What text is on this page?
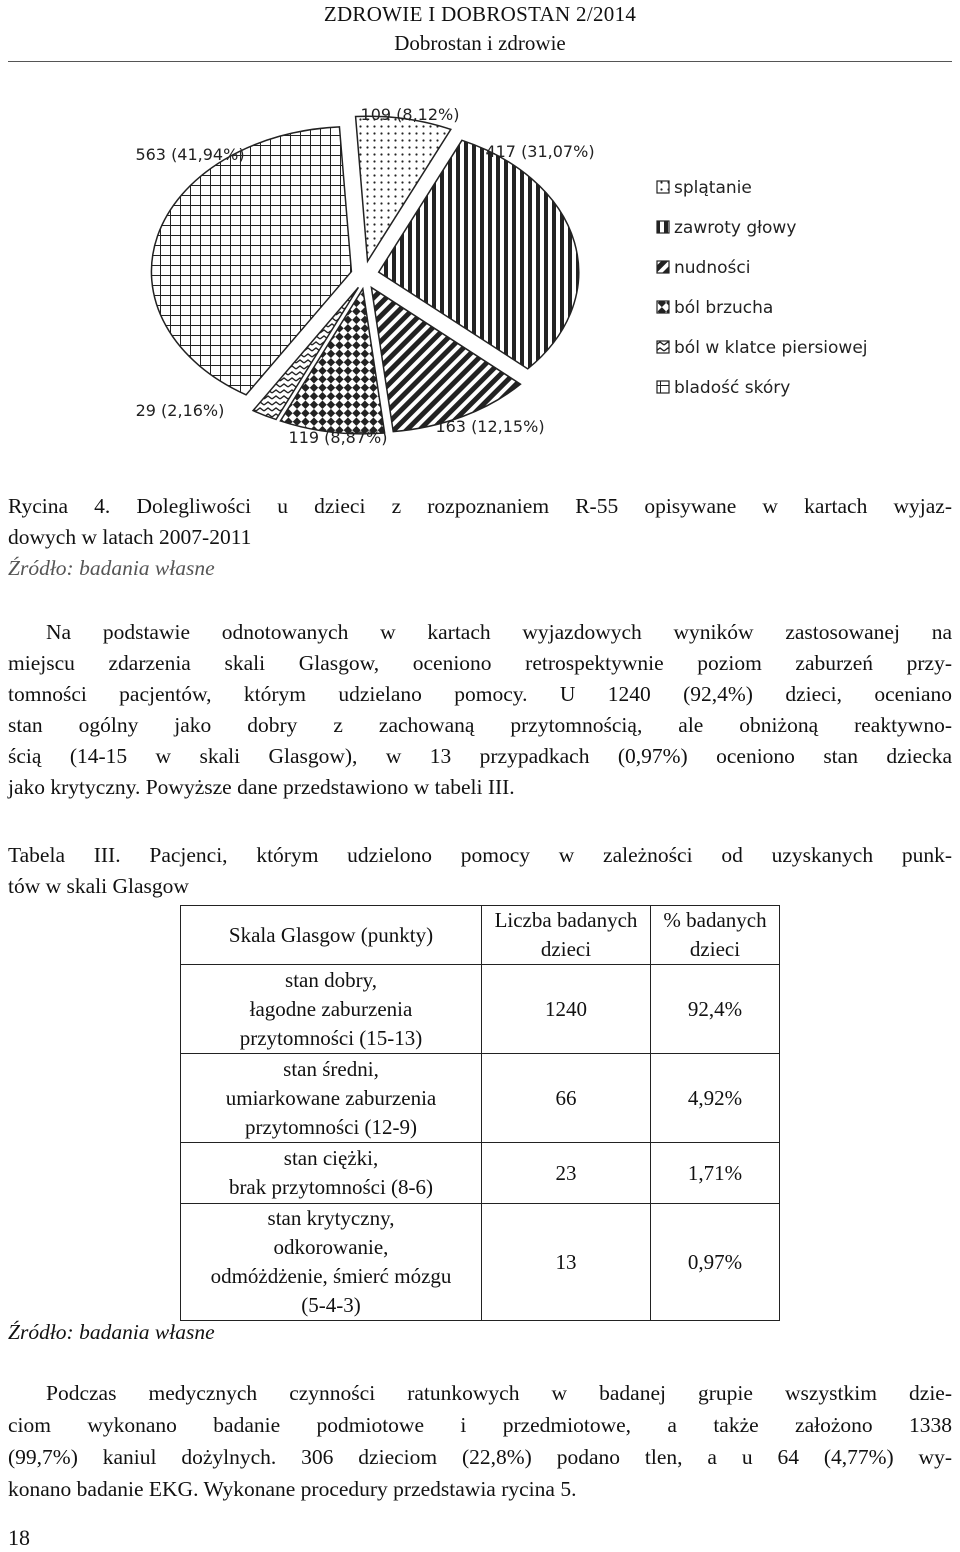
ZDROWIE I DOBROSTAN 2/2014
Dobrostan i zdrowie
109 (8,12%)
417 (31,07%)
163 (12,15%)
119 (8,87%)
29 (2,16%)
563 (41,94%)
splątanie
zawroty głowy
nudności
ból brzucha
ból w klatce piersiowej
bladość skóry

Rycina 4. Dolegliwości u dzieci z rozpoznaniem R-55 opisywane w kartach wyjaz-

dowych w latach 2007-2011

Źródło: badania własne

Na podstawie odnotowanych w kartach wyjazdowych wyników zastosowanej na

miejscu zdarzenia skali Glasgow, oceniono retrospektywnie poziom zaburzeń przy-

tomności pacjentów, którym udzielano pomocy. U 1240 (92,4%) dzieci, oceniano

stan ogólny jako dobry z zachowaną przytomnością, ale obniżoną reaktywno-

ścią (14-15 w skali Glasgow), w 13 przypadkach (0,97%) oceniono stan dziecka

jako krytyczny. Powyższe dane przedstawiono w tabeli III.

Tabela III. Pacjenci, którym udzielono pomocy w zależności od uzyskanych punk-

tów w skali Glasgow

Skala Glasgow (punkty)	Liczba badanych dzieci	% badanych dzieci

stan dobry,
łagodne zaburzenia
przytomności (15-13)	1240	92,4%

stan średni,
umiarkowane zaburzenia
przytomności (12-9)	66	4,92%

stan ciężki,
brak przytomności (8-6)	23	1,71%

stan krytyczny,
odkorowanie,
odmóżdżenie, śmierć mózgu
(5-4-3)	13	0,97%

Źródło: badania własne

Podczas medycznych czynności ratunkowych w badanej grupie wszystkim dzie-

ciom wykonano badanie podmiotowe i przedmiotowe, a także założono 1338

(99,7%) kaniul dożylnych. 306 dzieciom (22,8%) podano tlen, a u 64 (4,77%) wy-

konano badanie EKG. Wykonane procedury przedstawia rycina 5.

18
